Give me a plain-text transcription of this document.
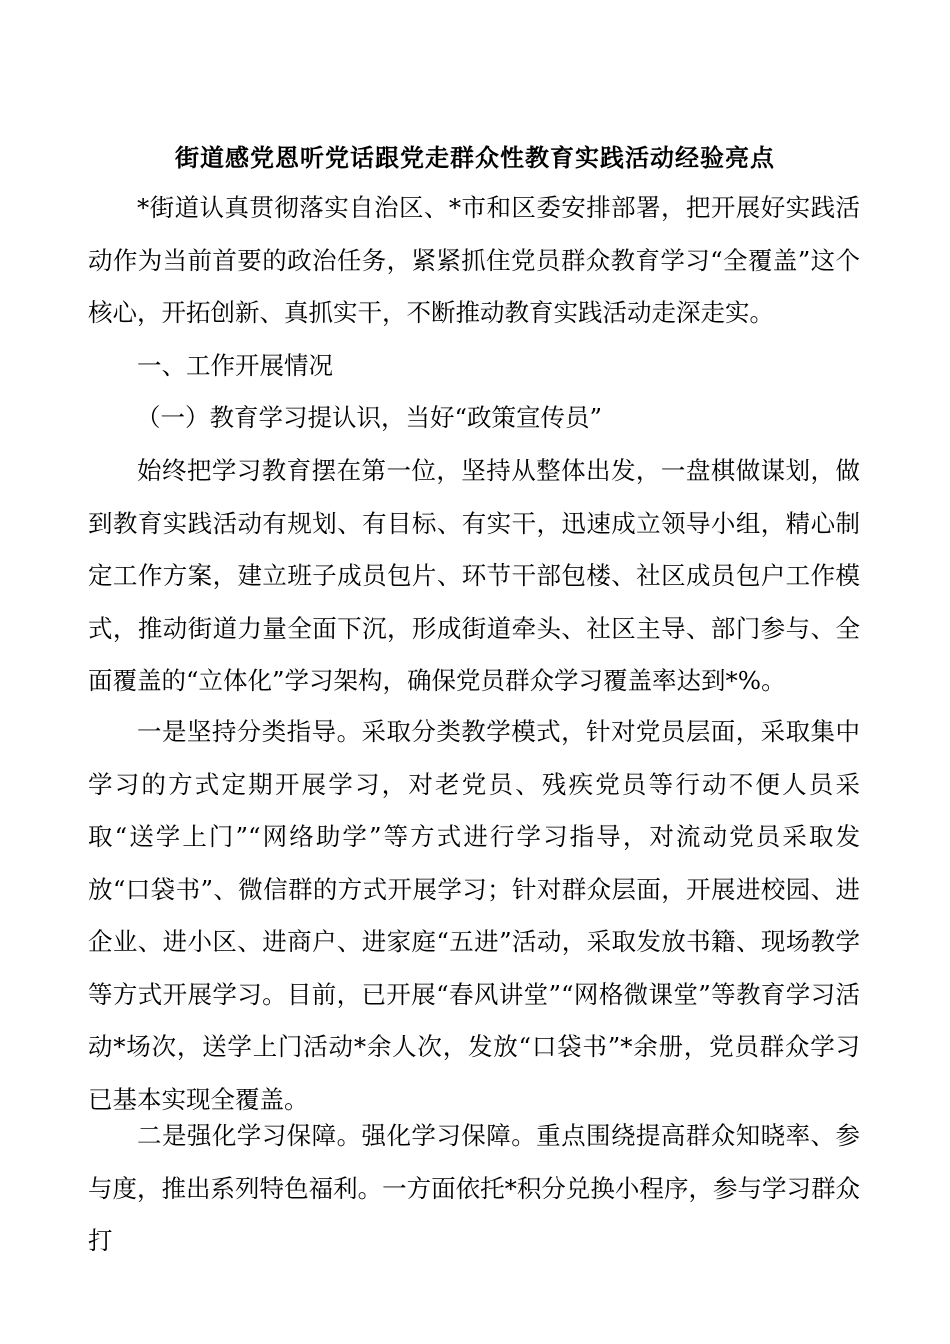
街道感党恩听党话跟党走群众性教育实践活动经验亮点

*街道认真贯彻落实自治区、*市和区委安排部署，把开展好实践活动作为当前首要的政治任务，紧紧抓住党员群众教育学习“全覆盖”这个核心，开拓创新、真抓实干，不断推动教育实践活动走深走实。

一、工作开展情况

（一）教育学习提认识，当好“政策宣传员”

始终把学习教育摆在第一位，坚持从整体出发，一盘棋做谋划，做到教育实践活动有规划、有目标、有实干，迅速成立领导小组，精心制定工作方案，建立班子成员包片、环节干部包楼、社区成员包户工作模式，推动街道力量全面下沉，形成街道牵头、社区主导、部门参与、全面覆盖的“立体化”学习架构，确保党员群众学习覆盖率达到*%。

一是坚持分类指导。采取分类教学模式，针对党员层面，采取集中学习的方式定期开展学习，对老党员、残疾党员等行动不便人员采取“送学上门”“网络助学”等方式进行学习指导，对流动党员采取发放“口袋书”、微信群的方式开展学习；针对群众层面，开展进校园、进企业、进小区、进商户、进家庭“五进”活动，采取发放书籍、现场教学等方式开展学习。目前，已开展“春风讲堂”“网格微课堂”等教育学习活动*场次，送学上门活动*余人次，发放“口袋书”*余册，党员群众学习已基本实现全覆盖。

二是强化学习保障。强化学习保障。重点围绕提高群众知晓率、参与度，推出系列特色福利。一方面依托*积分兑换小程序，参与学习群众打
